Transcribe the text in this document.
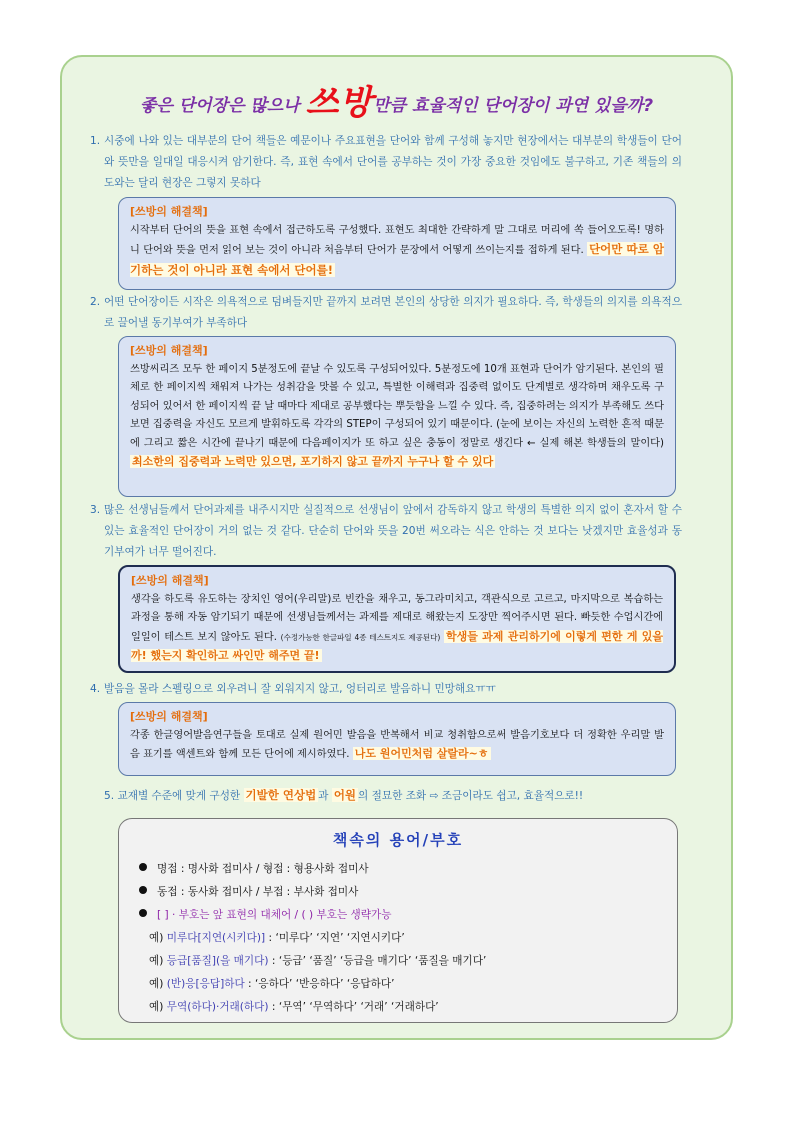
좋은 단어장은 많으나 쓰방만큼 효율적인 단어장이 과연 있을까?
1. 시중에 나와 있는 대부분의 단어 책들은 예문이나 주요표현을 단어와 함께 구성해 놓지만 현장에서는 대부분의 학생들이 단어와 뜻만을 일대일 대응시켜 암기한다. 즉, 표현 속에서 단어를 공부하는 것이 가장 중요한 것임에도 불구하고, 기존 책들의 의도와는 달리 현장은 그렇지 못하다
[쓰방의 해결책]
시작부터 단어의 뜻을 표현 속에서 접근하도록 구성했다. 표현도 최대한 간략하게 말 그대로 머리에 쏙 들어오도록! 명하니 단어와 뜻을 먼저 읽어 보는 것이 아니라 처음부터 단어가 문장에서 어떻게 쓰이는지를 접하게 된다. 단어만 따로 암기하는 것이 아니라 표현 속에서 단어를!
2. 어떤 단어장이든 시작은 의욕적으로 덤벼들지만 끝까지 보려면 본인의 상당한 의지가 필요하다. 즉, 학생들의 의지를 의욕적으로 끌어낼 동기부여가 부족하다
[쓰방의 해결책]
쓰방씨리즈 모두 한 페이지 5분정도에 끝날 수 있도록 구성되어있다. 5분정도에 10개 표현과 단어가 암기된다. 본인의 필체로 한 페이지씩 채워져 나가는 성취감을 맛볼 수 있고, 특별한 이해력과 집중력 없이도 단계별로 생각하며 채우도록 구성되어 있어서 한 페이지씩 끝 날 때마다 제대로 공부했다는 뿌듯함을 느낄 수 있다. 즉, 집중하려는 의지가 부족해도 쓰다보면 집중력을 자신도 모르게 발휘하도록 각각의 STEP이 구성되어 있기 때문이다. (눈에 보이는 자신의 노력한 흔적 때문에 그리고 짧은 시간에 끝나기 때문에 다음페이지가 또 하고 싶은 충동이 정말로 생긴다 ← 실제 해본 학생들의 말이다) 최소한의 집중력과 노력만 있으면, 포기하지 않고 끝까지 누구나 할 수 있다
3. 많은 선생님들께서 단어과제를 내주시지만 실질적으로 선생님이 앞에서 감독하지 않고 학생의 특별한 의지 없이 혼자서 할 수 있는 효율적인 단어장이 거의 없는 것 같다. 단순히 단어와 뜻을 20번 써오라는 식은 안하는 것 보다는 낫겠지만 효율성과 동기부여가 너무 떨어진다.
[쓰방의 해결책]
생각을 하도록 유도하는 장치인 영어(우리말)로 빈칸을 채우고, 동그라미치고, 객관식으로 고르고, 마지막으로 복습하는 과정을 통해 자동 암기되기 때문에 선생님들께서는 과제를 제대로 해왔는지 도장만 찍어주시면 된다. 빠듯한 수업시간에 일일이 테스트 보지 않아도 된다. (수정가능한 한글파일 4종 테스트지도 제공된다) 학생들 과제 관리하기에 이렇게 편한 게 있을까! 했는지 확인하고 싸인만 해주면 끝!
4. 발음을 몰라 스펠링으로 외우려니 잘 외워지지 않고, 엉터리로 발음하니 민망해요ㅠㅠ
[쓰방의 해결책]
각종 한글영어발음연구들을 토대로 실제 원어민 발음을 반복해서 비교 청취함으로써 발음기호보다 더 정확한 우리말 발음 표기를 액센트와 함께 모든 단어에 제시하였다. 나도 원어민처럼 살랄라~ㅎ
5. 교재별 수준에 맞게 구성한 기발한 연상법 과 어원 의 절묘한 조화 ⇨ 조금이라도 쉽고, 효율적으로!!
책속의 용어/부호
명접 : 명사화 접미사 / 형접 : 형용사화 접미사
동접 : 동사화 접미사 / 부접 : 부사화 접미사
[ ] · 부호는 앞 표현의 대체어 / ( ) 부호는 생략가능
예) 미루다[지연(시키다)] : ‘미루다’ ‘지연’ ‘지연시키다’
예) 등급[품질](을 매기다) : ‘등급’ ‘품질’ ‘등급을 매기다’ ‘품질을 매기다’
예) (반)응[응답]하다 : ‘응하다’ ‘반응하다’ ‘응답하다’
예) 무역(하다)·거래(하다) : ‘무역’ ‘무역하다’ ‘거래’ ‘거래하다’
